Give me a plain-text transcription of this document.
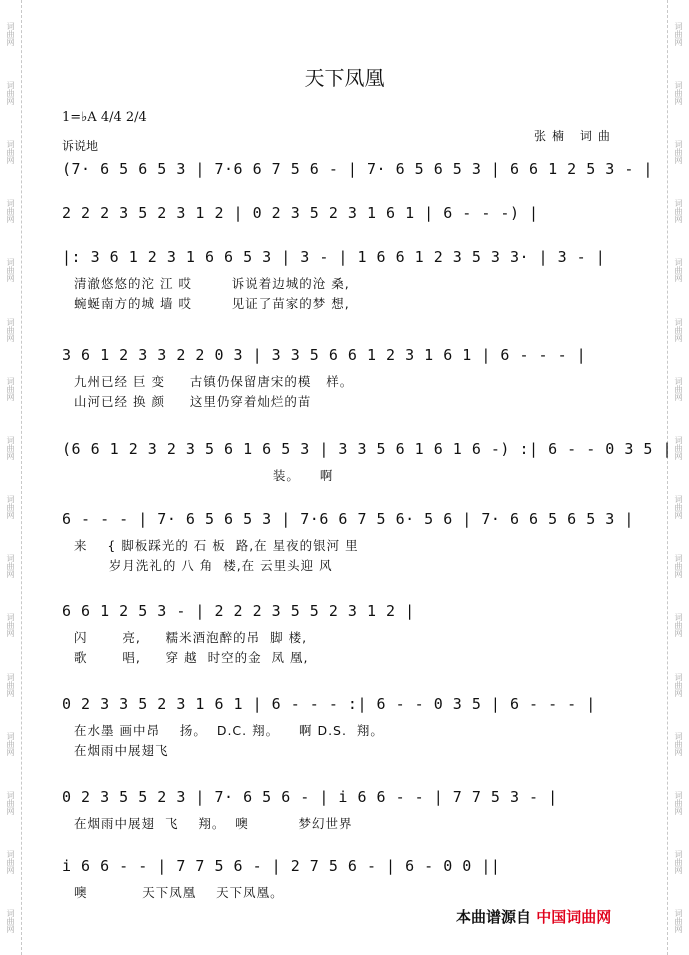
词曲网
词曲网
词曲网
词曲网
词曲网
词曲网
词曲网
词曲网
词曲网
词曲网
词曲网
词曲网
词曲网
词曲网
词曲网
词曲网
词曲网
词曲网
词曲网
词曲网
词曲网
词曲网
词曲网
词曲网
词曲网
词曲网
词曲网
词曲网
词曲网
词曲网
词曲网
词曲网
天下凤凰
1=♭A 4/4 2/4
张楠 词曲
诉说地
(7· 6 5 6 5 3 | 7·6 6 7 5 6 - | 7· 6 5 6 5 3 | 6 6 1 2 5 3 - |
2 2 2 3 5 2 3 1 2 | 0 2 3 5 2 3 1 6 1 | 6 - - -) |
|: 3 6 1 2 3 1 6 6 5 3 | 3 - | 1 6 6 1 2 3 5 3 3· | 3 - |
清澈悠悠的沱 江 哎        诉说着边城的沧 桑,
蜿蜒南方的城 墙 哎        见证了苗家的梦 想,
3 6 1 2 3 3 2 2 0 3 | 3 3 5 6 6 1 2 3 1 6 1 | 6 - - - |
九州已经 巨 变     古镇仍保留唐宋的模   样。
山河已经 换 颜     这里仍穿着灿烂的苗
(6 6 1 2 3 2 3 5 6 1 6 5 3 | 3 3 5 6 1 6 1 6 -) :| 6 - - 0 3 5 |
装。    啊
6 - - - | 7· 6 5 6 5 3 | 7·6 6 7 5 6· 5 6 | 7· 6 6 5 6 5 3 |
来    { 脚板踩光的 石 板  路,在 星夜的银河 里
岁月洗礼的 八 角  楼,在 云里头迎 风
6 6 1 2 5 3 - | 2 2 2 3 5 5 2 3 1 2 |
闪       亮,     糯米酒泡醉的吊  脚 楼,
歌       唱,     穿 越  时空的金  凤 凰,
0 2 3 3 5 2 3 1 6 1 | 6 - - - :| 6 - - 0 3 5 | 6 - - - |
在水墨 画中昂    扬。  D.C. 翔。    啊 D.S.  翔。
在烟雨中展翅飞
0 2 3 5 5 2 3 | 7· 6 5 6 - | i 6 6 - - | 7 7 5 3 - |
在烟雨中展翅  飞    翔。  噢          梦幻世界
i 6 6 - - | 7 7 5 6 - | 2 7 5 6 - | 6 - 0 0 ||
噢           天下凤凰    天下凤凰。
本曲谱源自 中国词曲网
